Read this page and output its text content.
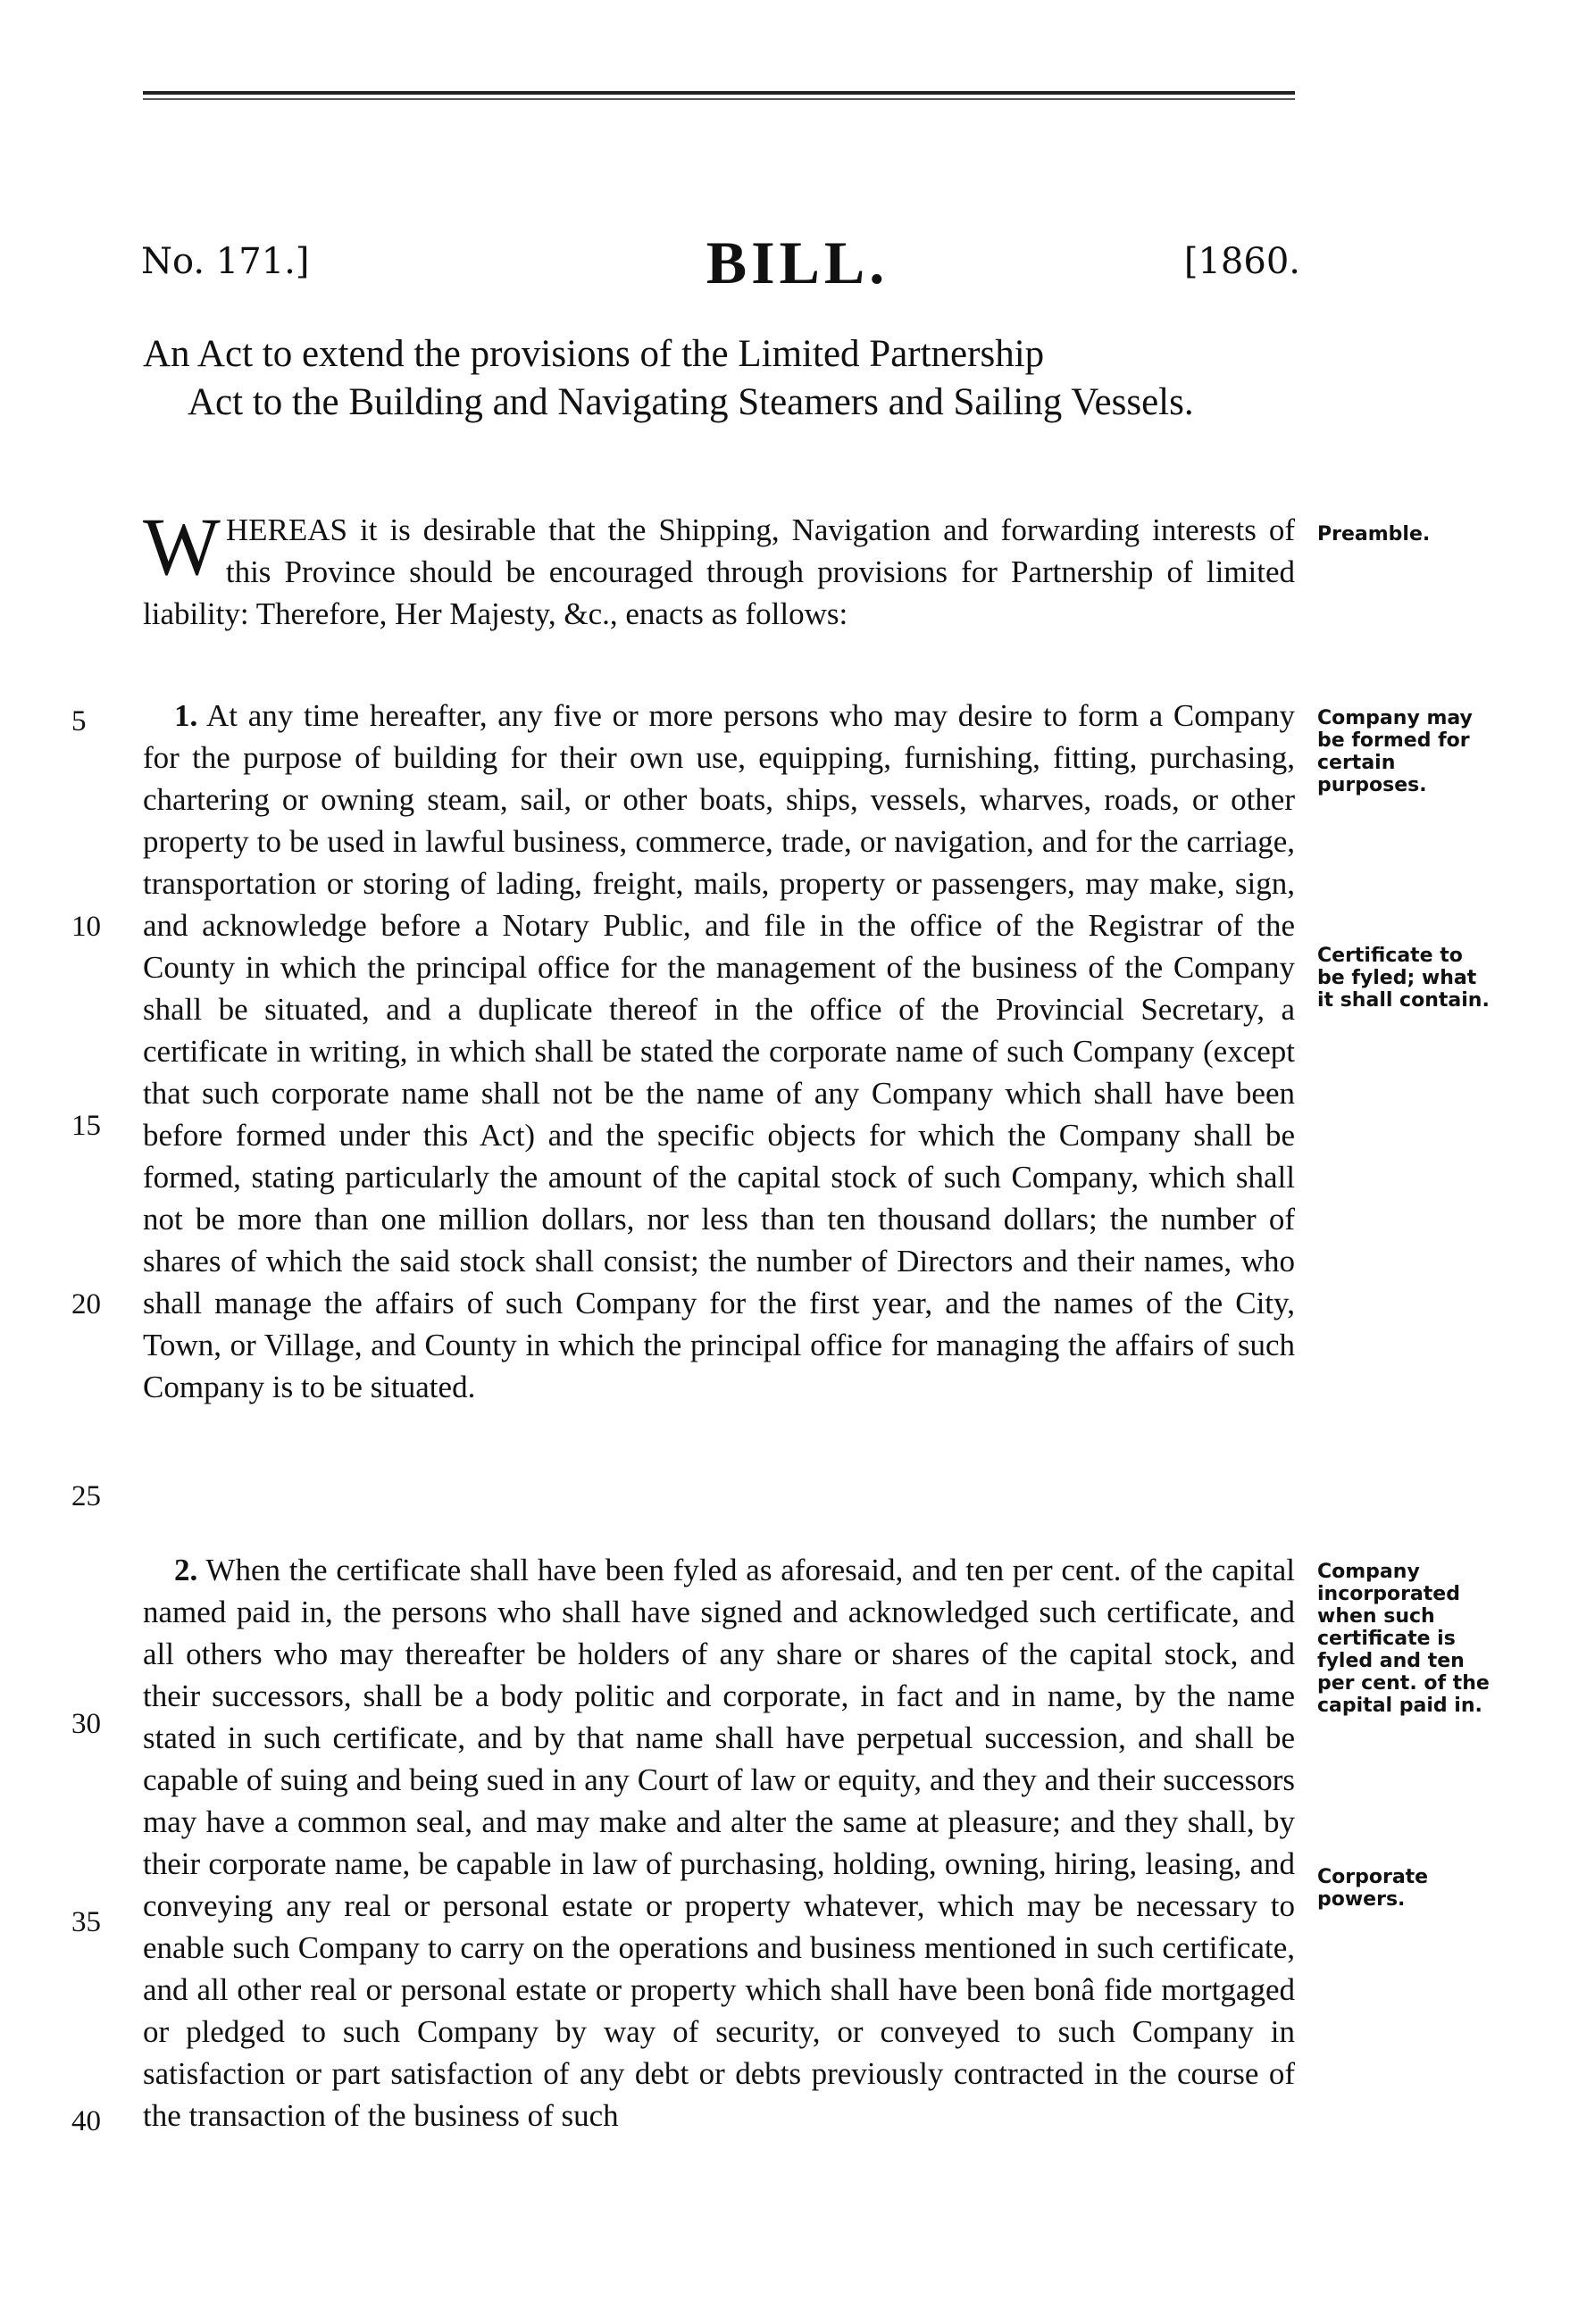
No. 171.]	BILL.	[1860.
An Act to extend the provisions of the Limited Partnership
Act to the Building and Navigating Steamers and Sailing Vessels.

WHEREAS it is desirable that the Shipping, Navigation and forwarding interests of this Province should be encouraged through provisions for Partnership of limited liability: Therefore, Her Majesty, &c., enacts as follows:

Preamble.

 1. At any time hereafter, any five or more persons who may desire to form a Company for the purpose of building for their own use, equipping, furnishing, fitting, purchasing, chartering or owning steam, sail, or other boats, ships, vessels, wharves, roads, or other property to be used in lawful business, commerce, trade, or navigation, and for the carriage, transportation or storing of lading, freight, mails, property or passengers, may make, sign, and acknowledge before a Notary Public, and file in the office of the Registrar of the County in which the principal office for the management of the business of the Company shall be situated, and a duplicate thereof in the office of the Provincial Secretary, a certificate in writing, in which shall be stated the corporate name of such Company (except that such corporate name shall not be the name of any Company which shall have been before formed under this Act) and the specific objects for which the Company shall be formed, stating particularly the amount of the capital stock of such Company, which shall not be more than one million dollars, nor less than ten thousand dollars; the number of shares of which the said stock shall consist; the number of Directors and their names, who shall manage the affairs of such Company for the first year, and the names of the City, Town, or Village, and County in which the principal office for managing the affairs of such Company is to be situated.

Company may be formed for certain purposes.
Certificate to be fyled; what it shall contain.

 2. When the certificate shall have been fyled as aforesaid, and ten per cent. of the capital named paid in, the persons who shall have signed and acknowledged such certificate, and all others who may thereafter be holders of any share or shares of the capital stock, and their successors, shall be a body politic and corporate, in fact and in name, by the name stated in such certificate, and by that name shall have perpetual succession, and shall be capable of suing and being sued in any Court of law or equity, and they and their successors may have a common seal, and may make and alter the same at pleasure; and they shall, by their corporate name, be capable in law of purchasing, holding, owning, hiring, leasing, and conveying any real or personal estate or property whatever, which may be necessary to enable such Company to carry on the operations and business mentioned in such certificate, and all other real or personal estate or property which shall have been bonâ fide mortgaged or pledged to such Company by way of security, or conveyed to such Company in satisfaction or part satisfaction of any debt or debts previously contracted in the course of the transaction of the business of such

Company incorporated when such certificate is fyled and ten per cent. of the capital paid in.
Corporate powers.
5
10
15
20
25
30
35
40
